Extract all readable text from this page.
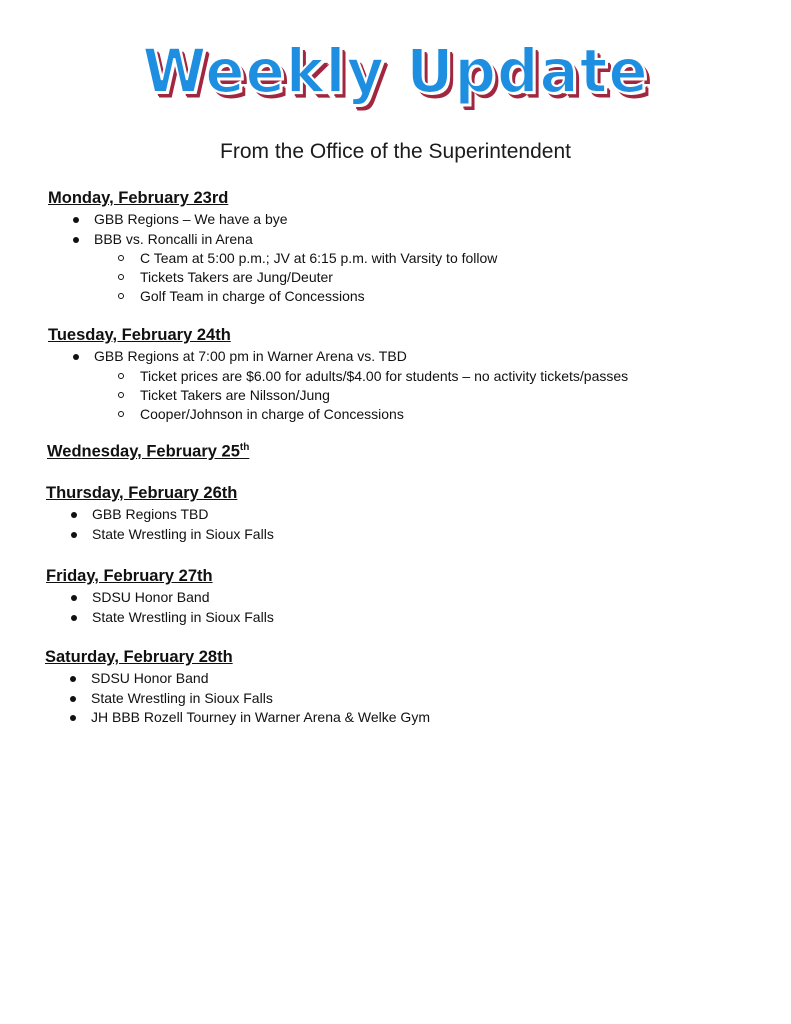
Weekly Update
From the Office of the Superintendent
Monday, February 23rd
GBB Regions – We have a bye
BBB vs. Roncalli in Arena
C Team at 5:00 p.m.; JV at 6:15 p.m. with Varsity to follow
Tickets Takers are Jung/Deuter
Golf Team in charge of Concessions
Tuesday, February 24th
GBB Regions at 7:00 pm in Warner Arena vs. TBD
Ticket prices are $6.00 for adults/$4.00 for students – no activity tickets/passes
Ticket Takers are Nilsson/Jung
Cooper/Johnson in charge of Concessions
Wednesday, February 25th
Thursday, February 26th
GBB Regions TBD
State Wrestling in Sioux Falls
Friday, February 27th
SDSU Honor Band
State Wrestling in Sioux Falls
Saturday, February 28th
SDSU Honor Band
State Wrestling in Sioux Falls
JH BBB Rozell Tourney in Warner Arena & Welke Gym
